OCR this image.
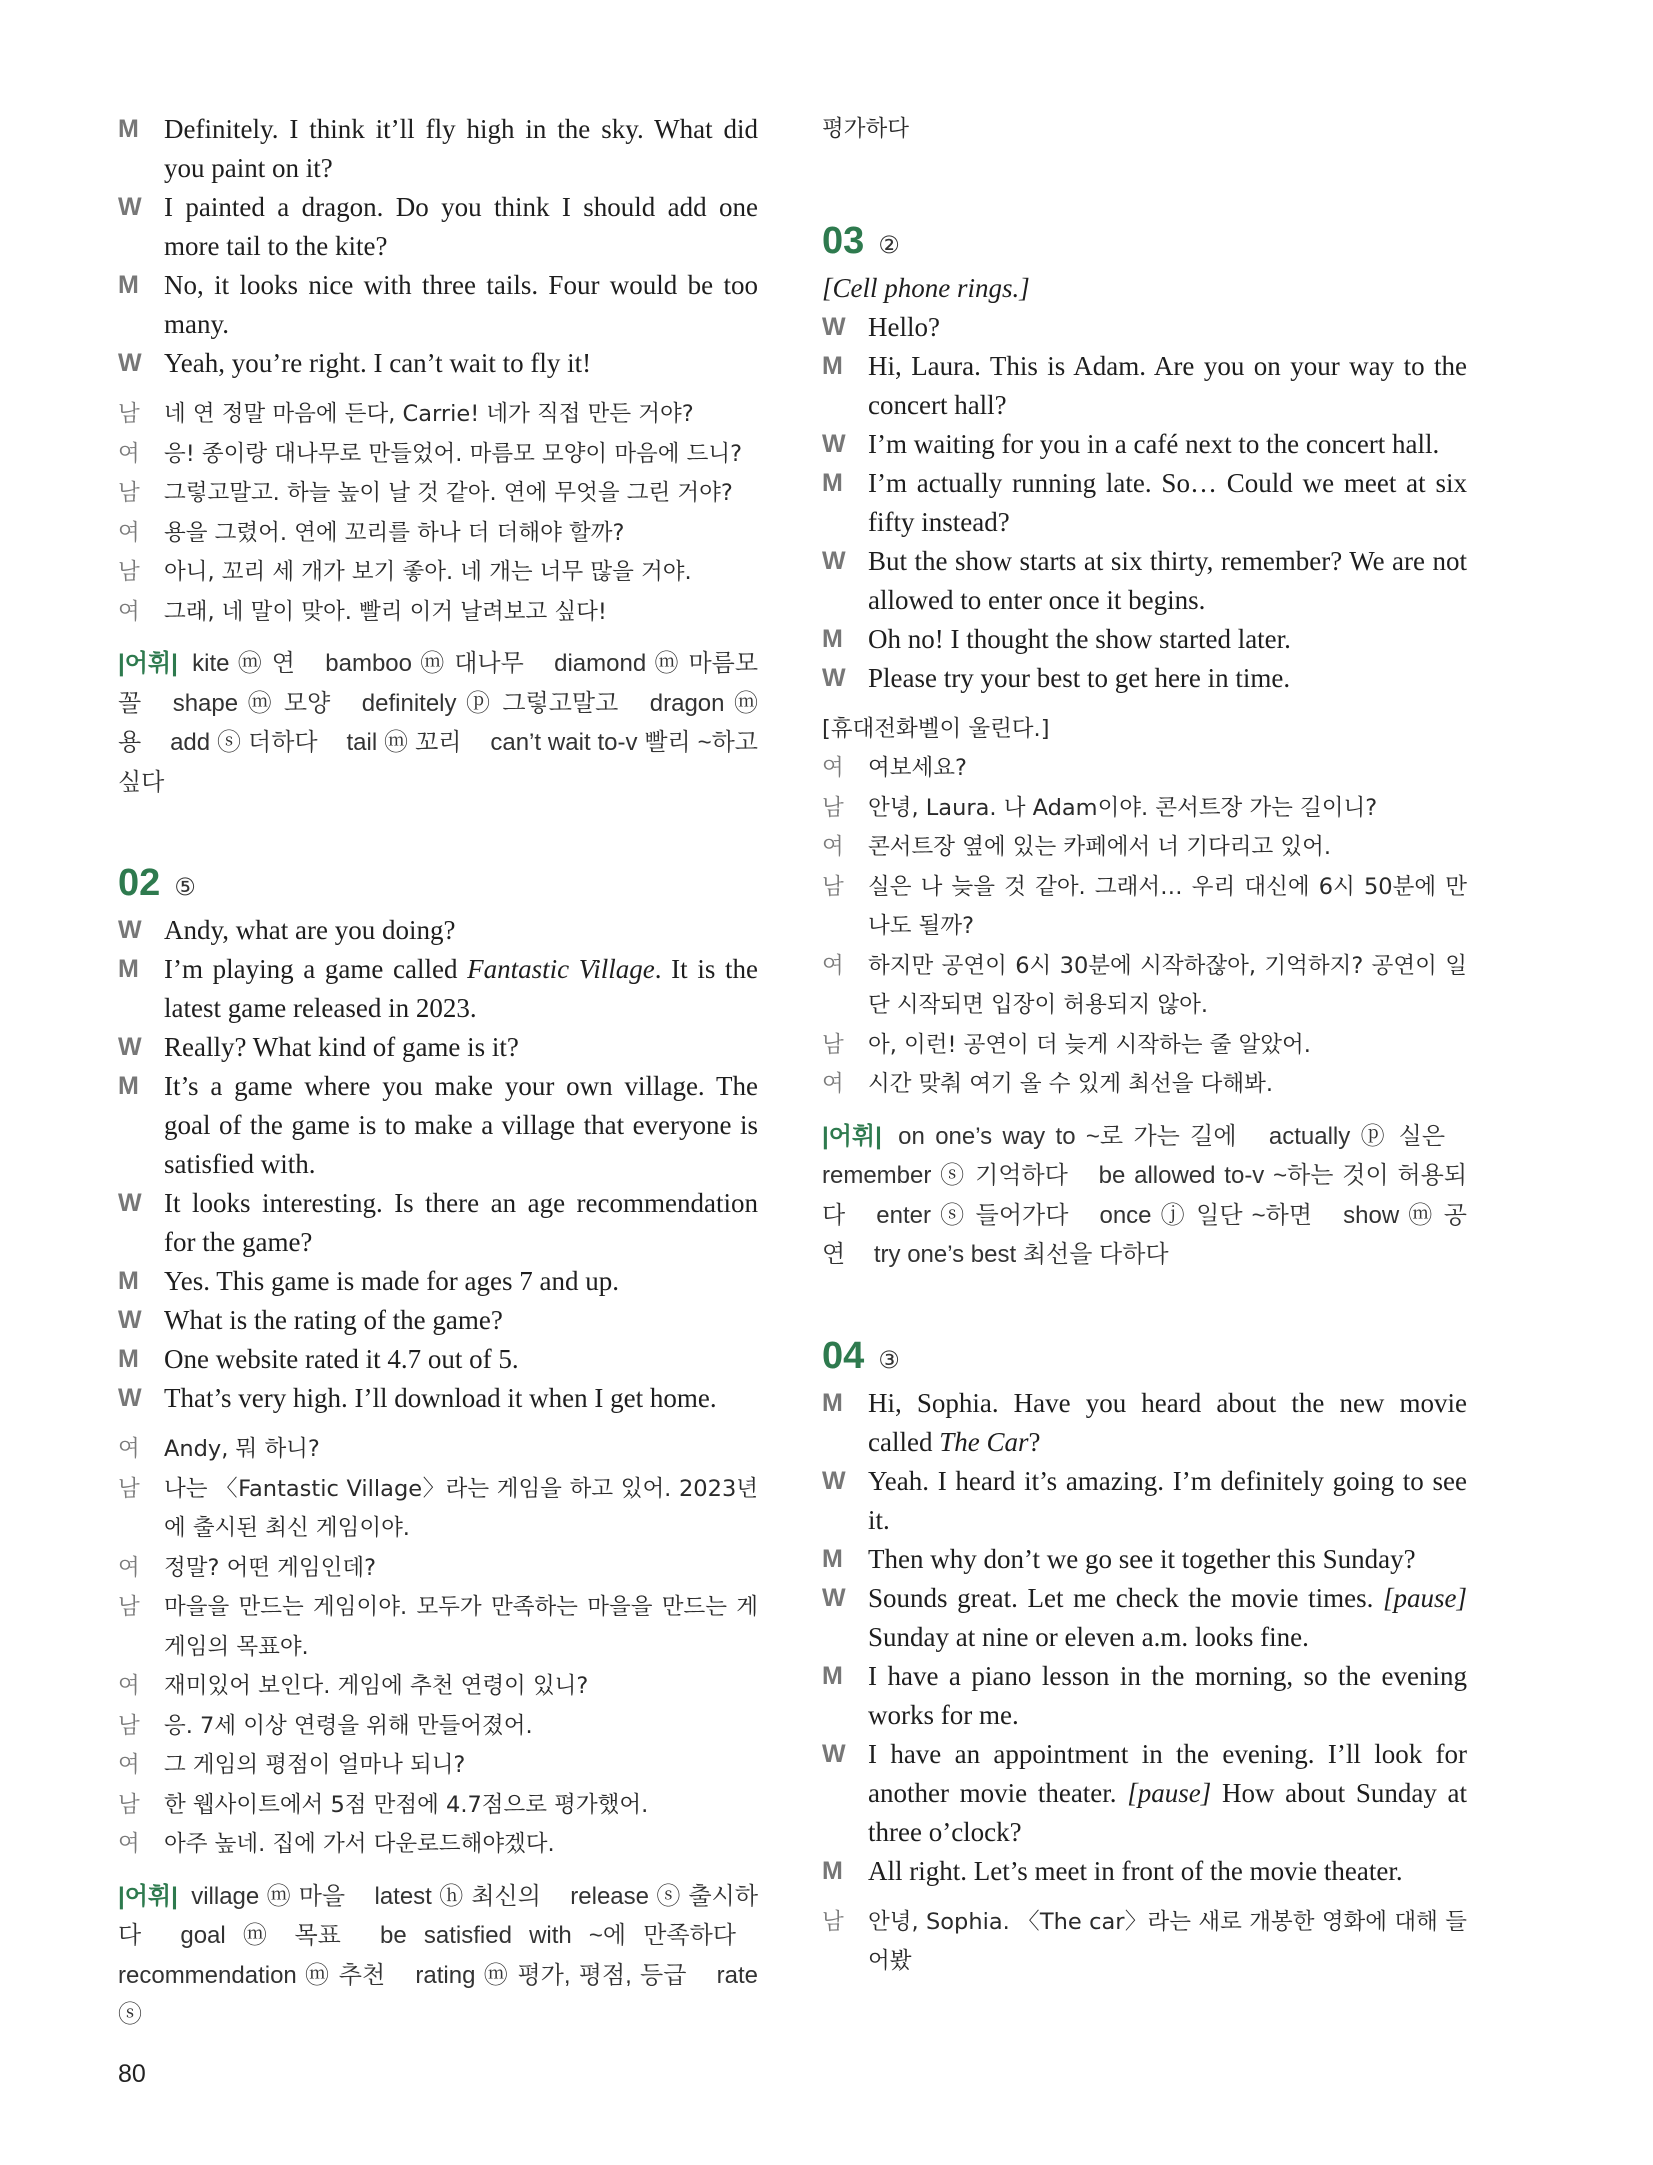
M Definitely. I think it’ll fly high in the sky. What did you paint on it?
W I painted a dragon. Do you think I should add one more tail to the kite?
M No, it looks nice with three tails. Four would be too many.
W Yeah, you’re right. I can’t wait to fly it!
남	네 연 정말 마음에 든다, Carrie! 네가 직접 만든 거야?
여	응! 종이랑 대나무로 만들었어. 마름모 모양이 마음에 드니?
남	그렇고말고. 하늘 높이 날 것 같아. 연에 무엇을 그린 거야?
여	용을 그렸어. 연에 꼬리를 하나 더 더해야 할까?
남	아니, 꼬리 세 개가 보기 좋아. 네 개는 너무 많을 거야.
여	그래, 네 말이 맞아. 빨리 이거 날려보고 싶다!
|어휘| kite ⓜ 연 bamboo ⓜ 대나무 diamond ⓜ 마름모꼴 shape ⓜ 모양 definitely ⓟ 그렇고말고 dragon ⓜ 용 add ⓢ 더하다 tail ⓜ 꼬리 can’t wait to-v 빨리 ~하고 싶다
02 ⑤
W Andy, what are you doing?
M I’m playing a game called Fantastic Village. It is the latest game released in 2023.
W Really? What kind of game is it?
M It’s a game where you make your own village. The goal of the game is to make a village that everyone is satisfied with.
W It looks interesting. Is there an age recommendation for the game?
M Yes. This game is made for ages 7 and up.
W What is the rating of the game?
M One website rated it 4.7 out of 5.
W That’s very high. I’ll download it when I get home.
여	Andy, 뭐 하니?
남	나는 〈Fantastic Village〉라는 게임을 하고 있어. 2023년에 출시된 최신 게임이야.
여	정말? 어떤 게임인데?
남	마을을 만드는 게임이야. 모두가 만족하는 마을을 만드는 게 게임의 목표야.
여	재미있어 보인다. 게임에 추천 연령이 있니?
남	응. 7세 이상 연령을 위해 만들어졌어.
여	그 게임의 평점이 얼마나 되니?
남	한 웹사이트에서 5점 만점에 4.7점으로 평가했어.
여	아주 높네. 집에 가서 다운로드해야겠다.
|어휘| village ⓜ 마을 latest ⓗ 최신의 release ⓢ 출시하다 goal ⓜ 목표 be satisfied with ~에 만족하다 recommendation ⓜ 추천 rating ⓜ 평가, 평점, 등급 rate ⓢ
평가하다
03 ②
[Cell phone rings.]
W Hello?
M Hi, Laura. This is Adam. Are you on your way to the concert hall?
W I’m waiting for you in a café next to the concert hall.
M I’m actually running late. So… Could we meet at six fifty instead?
W But the show starts at six thirty, remember? We are not allowed to enter once it begins.
M Oh no! I thought the show started later.
W Please try your best to get here in time.
[휴대전화벨이 울린다.]
여	여보세요?
남	안녕, Laura. 나 Adam이야. 콘서트장 가는 길이니?
여	콘서트장 옆에 있는 카페에서 너 기다리고 있어.
남	실은 나 늦을 것 같아. 그래서… 우리 대신에 6시 50분에 만나도 될까?
여	하지만 공연이 6시 30분에 시작하잖아, 기억하지? 공연이 일단 시작되면 입장이 허용되지 않아.
남	아, 이런! 공연이 더 늦게 시작하는 줄 알았어.
여	시간 맞춰 여기 올 수 있게 최선을 다해봐.
|어휘| on one’s way to ~로 가는 길에 actually ⓟ 실은 remember ⓢ 기억하다 be allowed to-v ~하는 것이 허용되다 enter ⓢ 들어가다 once ⓙ 일단 ~하면 show ⓜ 공연 try one’s best 최선을 다하다
04 ③
M Hi, Sophia. Have you heard about the new movie called The Car?
W Yeah. I heard it’s amazing. I’m definitely going to see it.
M Then why don’t we go see it together this Sunday?
W Sounds great. Let me check the movie times. [pause] Sunday at nine or eleven a.m. looks fine.
M I have a piano lesson in the morning, so the evening works for me.
W I have an appointment in the evening. I’ll look for another movie theater. [pause] How about Sunday at three o’clock?
M All right. Let’s meet in front of the movie theater.
남	안녕, Sophia. 〈The car〉라는 새로 개봉한 영화에 대해 들어봤
80
